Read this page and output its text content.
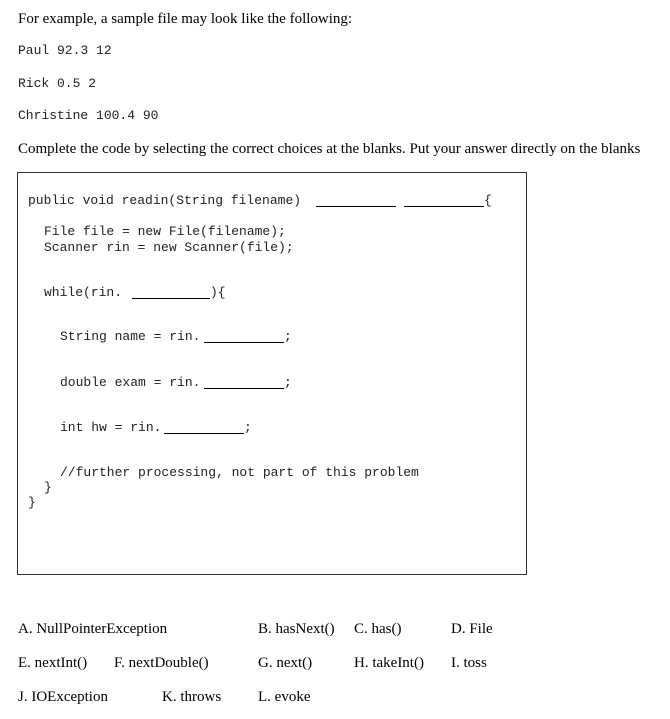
For example, a sample file may look like the following:
Paul 92.3 12
Rick 0.5 2
Christine 100.4 90
Complete the code by selecting the correct choices at the blanks. Put your answer directly on the blanks
public void readin(String filename)	{
File file = new File(filename);
Scanner rin = new Scanner(file);
while(rin.	){
String name = rin.	;
double exam = rin.	;
int hw = rin.	;
//further processing, not part of this problem
}
}
A. NullPointerException	B. hasNext() C. has()	D. File
E. nextInt() F. nextDouble()	G. next()	H. takeInt() I. toss
J. IOException	K. throws L. evoke
